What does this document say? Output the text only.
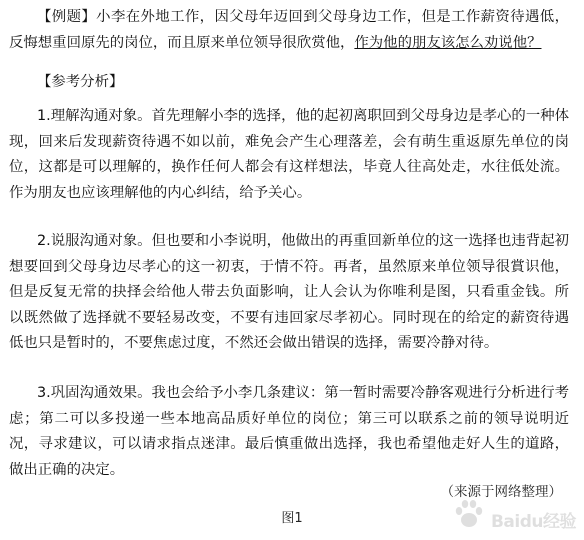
【例题】小李在外地工作，因父母年迈回到父母身边工作，但是工作薪资待遇低，反悔想重回原先的岗位，而且原来单位领导很欣赏他，作为他的朋友该怎么劝说他？

【参考分析】

1.理解沟通对象。首先理解小李的选择，他的起初离职回到父母身边是孝心的一种体现，回来后发现薪资待遇不如以前，难免会产生心理落差，会有萌生重返原先单位的岗位，这都是可以理解的，换作任何人都会有这样想法，毕竟人往高处走，水往低处流。作为朋友也应该理解他的内心纠结，给予关心。

2.说服沟通对象。但也要和小李说明，他做出的再重回新单位的这一选择也违背起初想要回到父母身边尽孝心的这一初衷，于情不符。再者，虽然原来单位领导很賞识他，但是反复无常的抉择会给他人带去负面影响，让人会认为你唯利是图，只看重金钱。所以既然做了选择就不要轻易改变，不要有违回家尽孝初心。同时现在的给定的薪资待遇低也只是暂时的，不要焦虑过度，不然还会做出错误的选择，需要冷静对待。

3.巩固沟通效果。我也会给予小李几条建议：第一暂时需要冷静客观进行分析进行考虑；第二可以多投递一些本地高品质好单位的岗位；第三可以联系之前的领导说明近况，寻求建议，可以请求指点迷津。最后慎重做出选择，我也希望他走好人生的道路，做出正确的决定。

（来源于网络整理）
图1	Baidu经验
